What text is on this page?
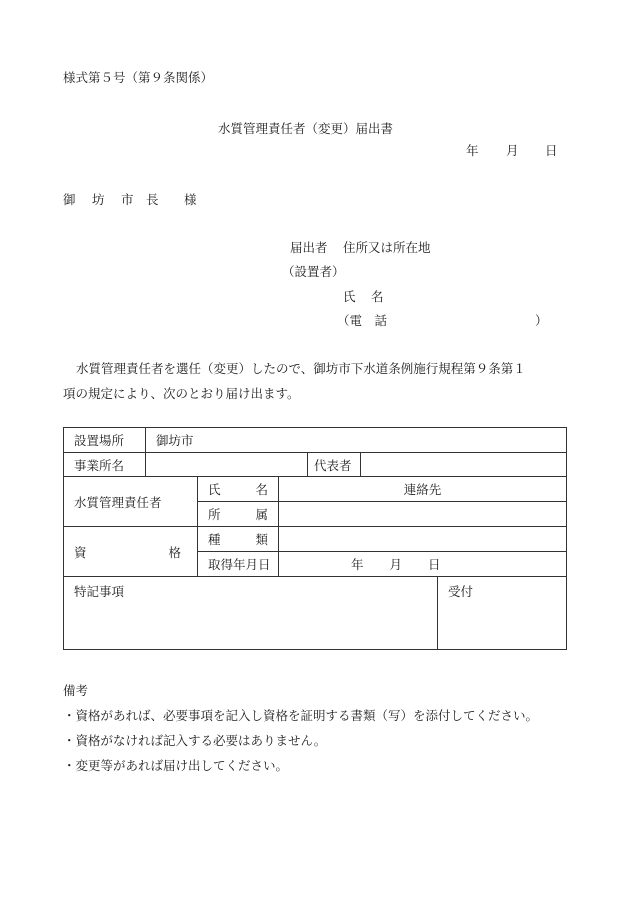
様式第５号（第９条関係）
水質管理責任者（変更）届出書
年 月 日
御 坊 市 長 様
届出者 住所又は所在地
（設置者）
氏 名
（電　話	）
水質管理責任者を選任（変更）したので、御坊市下水道条例施行規程第９条第１
項の規定により、次のとおり届け出ます。
設置場所	御坊市					
事業所名				代表者		
水質管理責任者		氏 名	連絡先			

		所 属				

資 格		種 類				

		取得年月日	年 月 日			
特記事項						受付
備考
・資格があれば、必要事項を記入し資格を証明する書類（写）を添付してください。
・資格がなければ記入する必要はありません。
・変更等があれば届け出してください。
